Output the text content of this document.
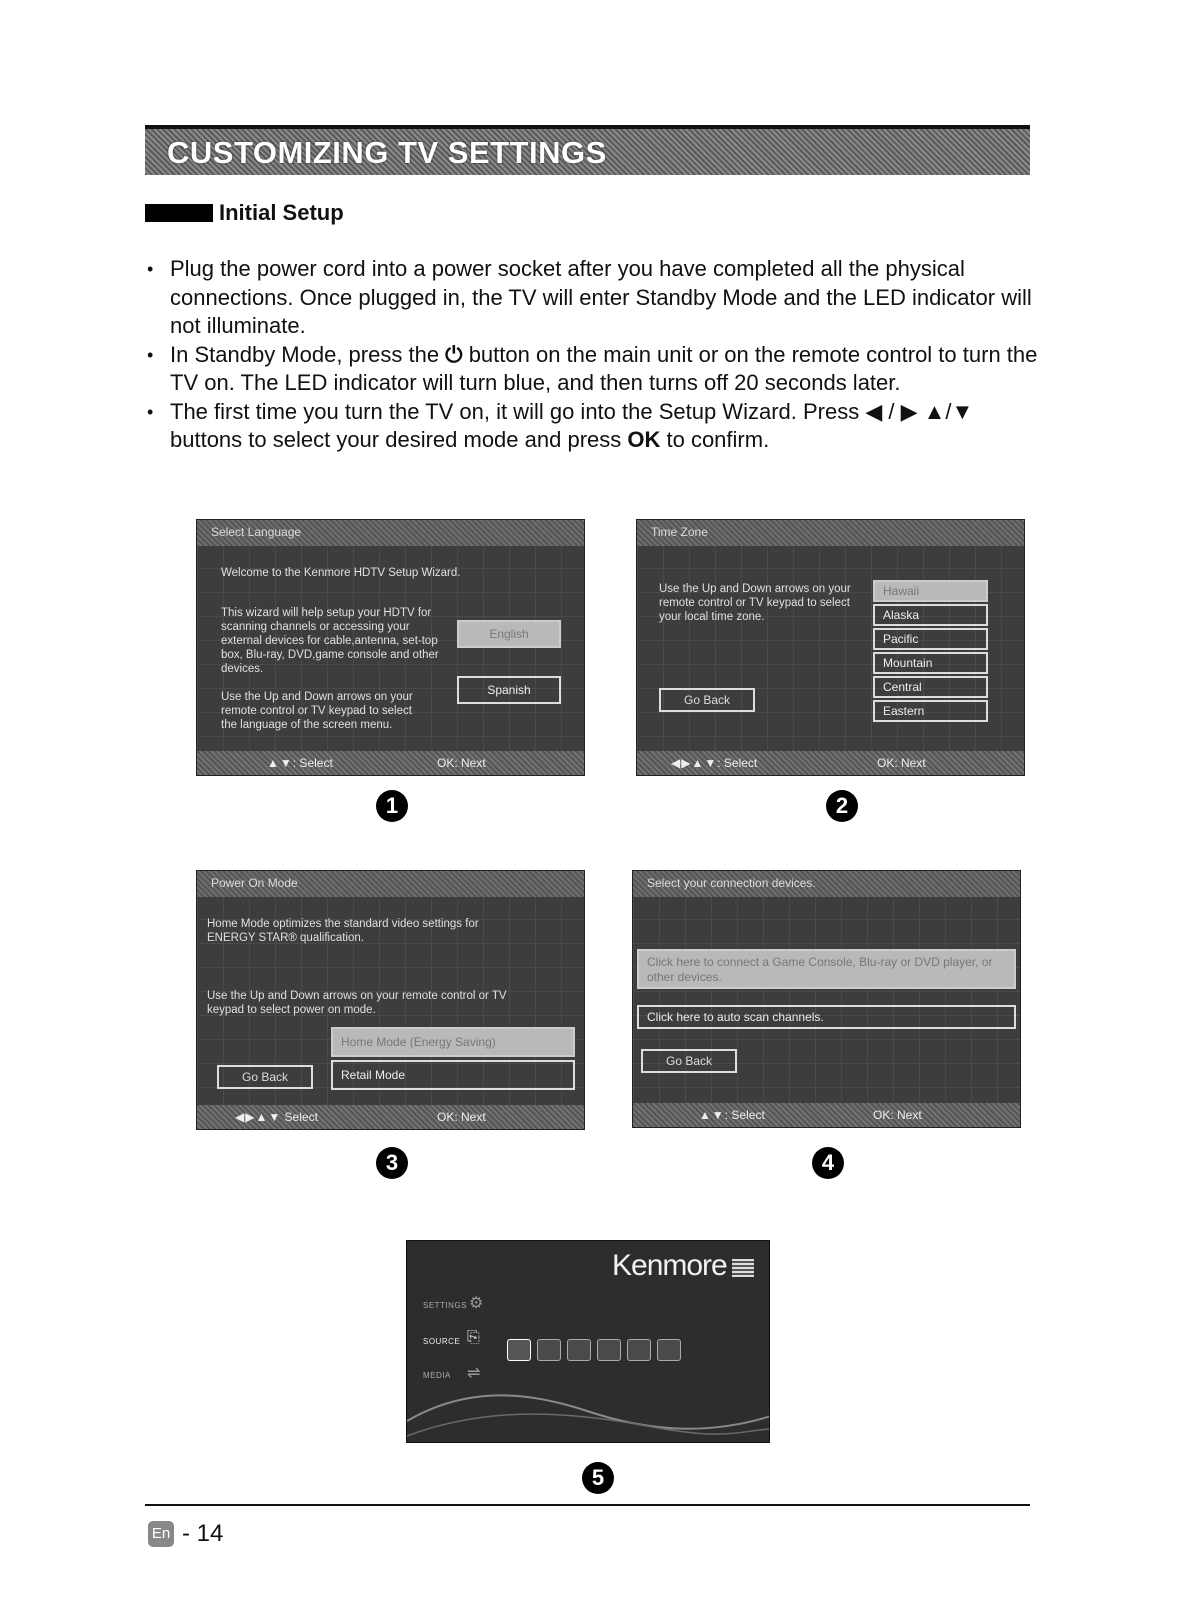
CUSTOMIZING TV SETTINGS
Initial Setup
• Plug the power cord into a power socket after you have completed all the physical connections. Once plugged in, the TV will enter Standby Mode and the LED indicator will not illuminate.
• In Standby Mode, press the ⏻ button on the main unit or on the remote control to turn the TV on. The LED indicator will turn blue, and then turns off 20 seconds later.
• The first time you turn the TV on, it will go into the Setup Wizard. Press ◀ / ▶ ▲/▼ buttons to select your desired mode and press OK to confirm.
Select Language
Welcome to the Kenmore HDTV Setup Wizard.
This wizard will help setup your HDTV for scanning channels or accessing your external devices for cable,antenna, set-top box, Blu-ray, DVD,game console and other devices.
Use the Up and Down arrows on your remote control or TV keypad to select the language of the screen menu.
English
Spanish
▲▼: Select	OK: Next
1
Time Zone
Use the Up and Down arrows on your remote control or TV keypad to select your local time zone.
Hawaii
Alaska
Pacific
Mountain
Central
Eastern
Go Back
◀▶▲▼: Select	OK: Next
2
Power On Mode
Home Mode optimizes the standard video settings for ENERGY STAR® qualification.
Use the Up and Down arrows on your remote control or TV keypad to select power on mode.
Home Mode (Energy Saving)
Retail Mode
Go Back
◀▶▲▼ Select	OK: Next
3
Select your connection devices.
Click here to connect a Game Console, Blu-ray or DVD player, or other devices.
Click here to auto scan channels.
Go Back
▲▼: Select	OK: Next
4
Kenmore
SETTINGS ⚙
SOURCE ⎘
MEDIA ⇌
5
En - 14
